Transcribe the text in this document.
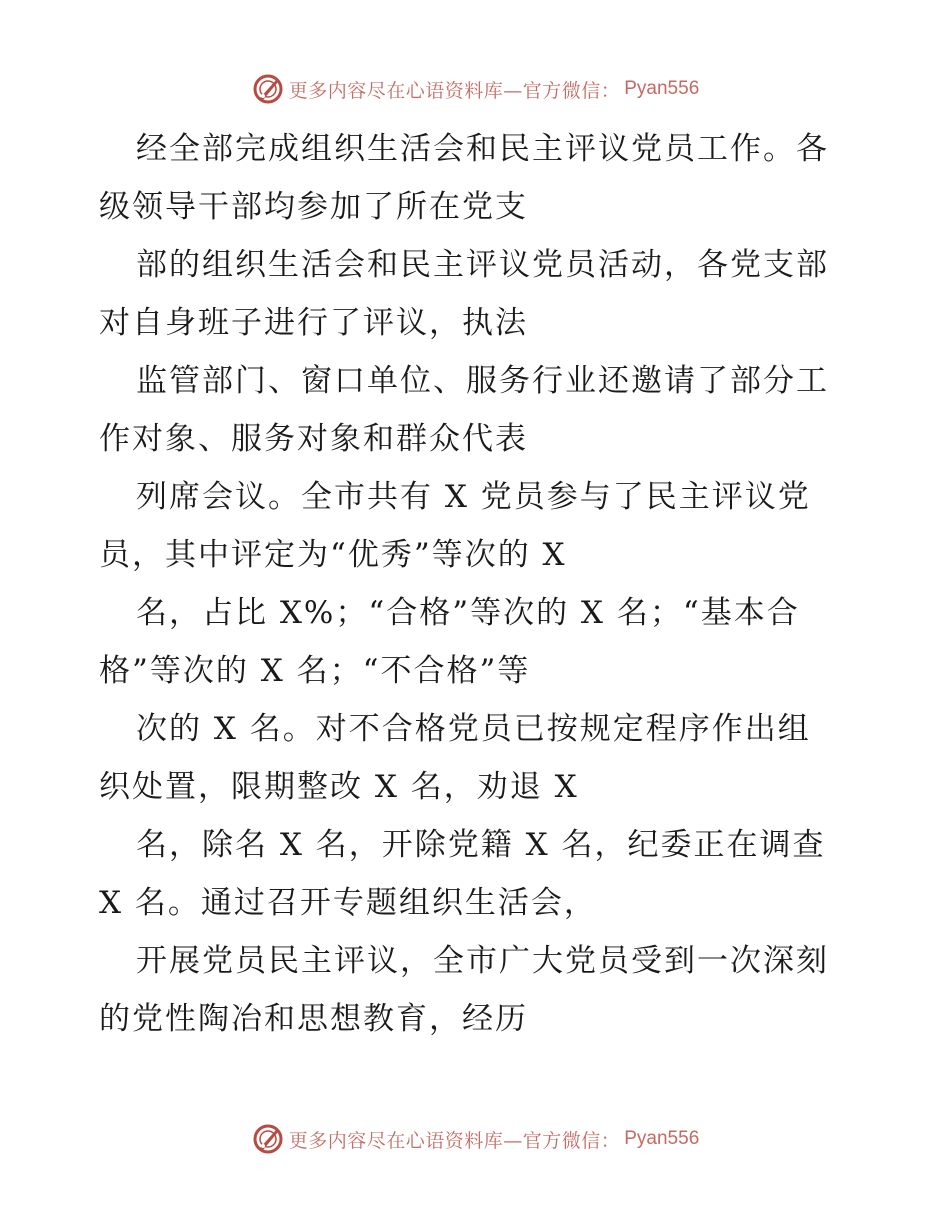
更多内容尽在心语资料库—官方微信： Pyan556

经全部完成组织生活会和民主评议党员工作。各
级领导干部均参加了所在党支

部的组织生活会和民主评议党员活动，各党支部
对自身班子进行了评议，执法

监管部门、窗口单位、服务行业还邀请了部分工
作对象、服务对象和群众代表

列席会议。全市共有 X 党员参与了民主评议党
员，其中评定为“优秀”等次的 X

名，占比 X%；“合格”等次的 X 名；“基本合
格”等次的 X 名；“不合格”等

次的 X 名。对不合格党员已按规定程序作出组
织处置，限期整改 X 名，劝退 X

名，除名 X 名，开除党籍 X 名，纪委正在调查
X 名。通过召开专题组织生活会，

开展党员民主评议，全市广大党员受到一次深刻
的党性陶冶和思想教育，经历

更多内容尽在心语资料库—官方微信： Pyan556
